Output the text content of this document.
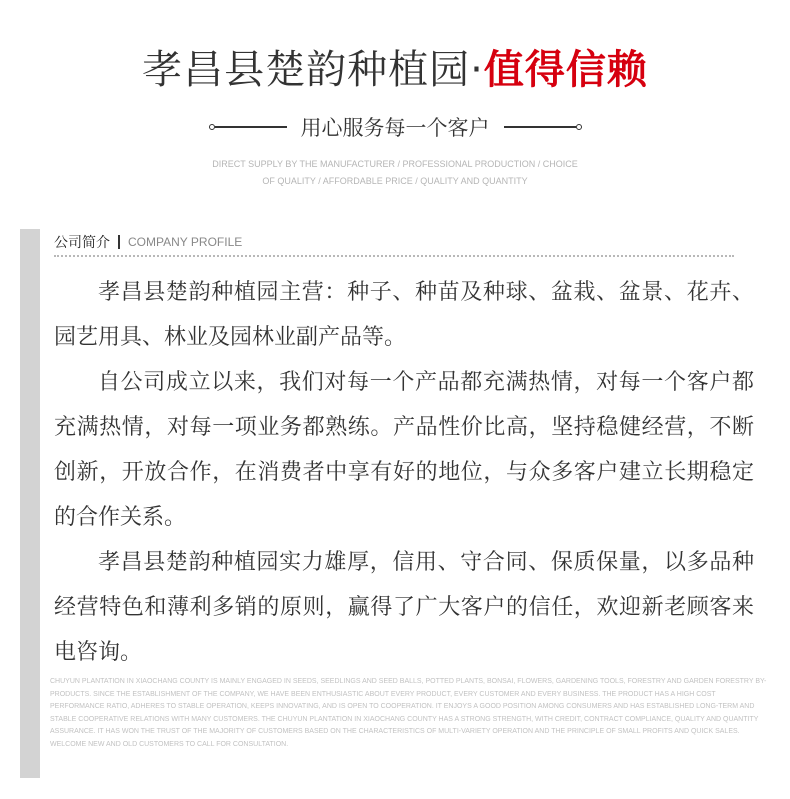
孝昌县楚韵种植园·值得信赖
用心服务每一个客户
DIRECT SUPPLY BY THE MANUFACTURER / PROFESSIONAL PRODUCTION / CHOICE
OF QUALITY / AFFORDABLE PRICE / QUALITY AND QUANTITY
公司简介 COMPANY PROFILE

孝昌县楚韵种植园主营：种子、种苗及种球、盆栽、盆景、花卉、园艺用具、林业及园林业副产品等。

自公司成立以来，我们对每一个产品都充满热情，对每一个客户都充满热情，对每一项业务都熟练。产品性价比高，坚持稳健经营，不断创新，开放合作，在消费者中享有好的地位，与众多客户建立长期稳定的合作关系。

孝昌县楚韵种植园实力雄厚，信用、守合同、保质保量，以多品种经营特色和薄利多销的原则，赢得了广大客户的信任，欢迎新老顾客来电咨询。

CHUYUN PLANTATION IN XIAOCHANG COUNTY IS MAINLY ENGAGED IN SEEDS, SEEDLINGS AND SEED BALLS, POTTED PLANTS, BONSAI, FLOWERS, GARDENING TOOLS, FORESTRY AND GARDEN FORESTRY BY-PRODUCTS. SINCE THE ESTABLISHMENT OF THE COMPANY, WE HAVE BEEN ENTHUSIASTIC ABOUT EVERY PRODUCT, EVERY CUSTOMER AND EVERY BUSINESS. THE PRODUCT HAS A HIGH COST PERFORMANCE RATIO, ADHERES TO STABLE OPERATION, KEEPS INNOVATING, AND IS OPEN TO COOPERATION. IT ENJOYS A GOOD POSITION AMONG CONSUMERS AND HAS ESTABLISHED LONG-TERM AND STABLE COOPERATIVE RELATIONS WITH MANY CUSTOMERS. THE CHUYUN PLANTATION IN XIAOCHANG COUNTY HAS A STRONG STRENGTH, WITH CREDIT, CONTRACT COMPLIANCE, QUALITY AND QUANTITY ASSURANCE. IT HAS WON THE TRUST OF THE MAJORITY OF CUSTOMERS BASED ON THE CHARACTERISTICS OF MULTI-VARIETY OPERATION AND THE PRINCIPLE OF SMALL PROFITS AND QUICK SALES. WELCOME NEW AND OLD CUSTOMERS TO CALL FOR CONSULTATION.
